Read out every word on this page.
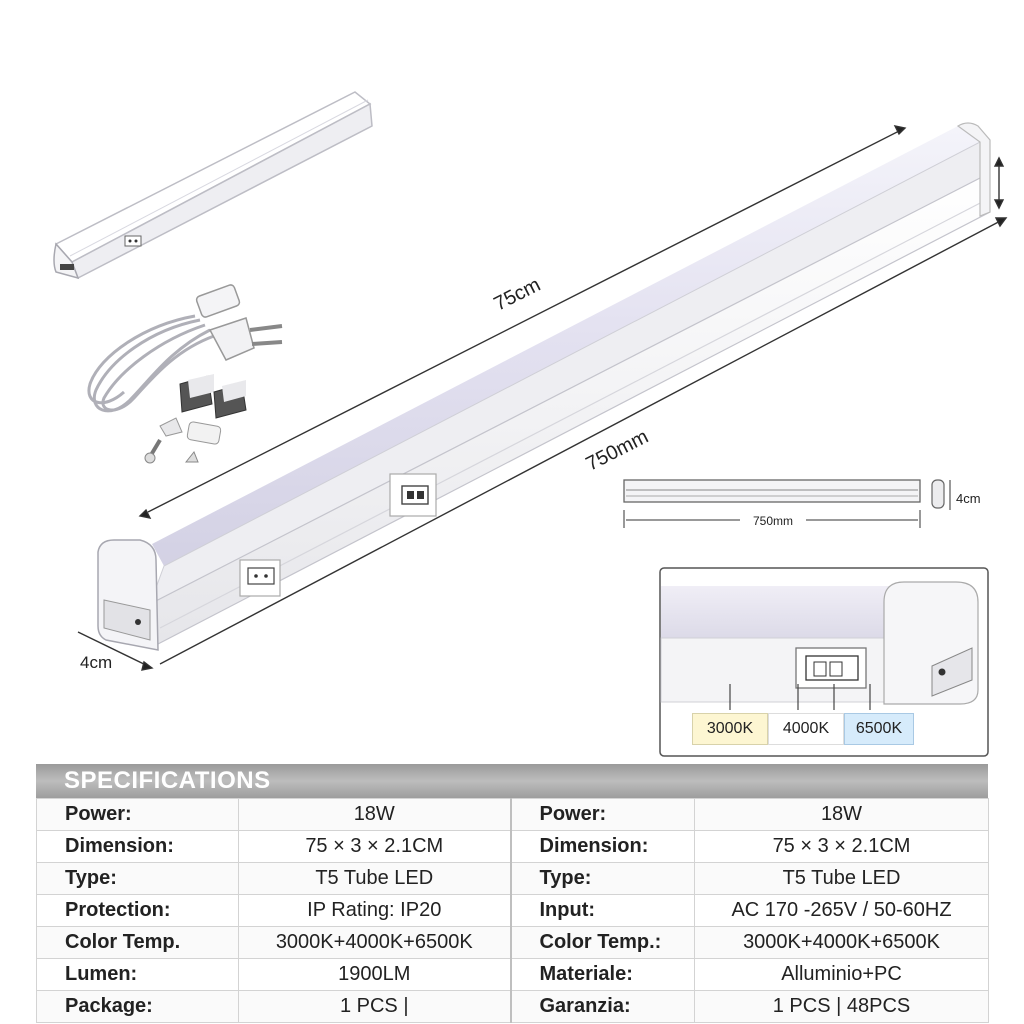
75cm
750mm
4cm
750mm
4cm
3000K	4000K	6500K
SPECIFICATIONS
Power:	18W	Power:	18W
Dimension:	75 × 3 × 2.1CM	Dimension:	75 × 3 × 2.1CM
Type:	T5 Tube LED	Type:	T5 Tube LED
Protection:	IP Rating: IP20	Input:	AC 170 -265V / 50-60HZ
Color Temp.	3000K+4000K+6500K	Color Temp.:	3000K+4000K+6500K
Lumen:	1900LM	Materiale:	Alluminio+PC
Package:	1 PCS |	Garanzia:	1 PCS | 48PCS
